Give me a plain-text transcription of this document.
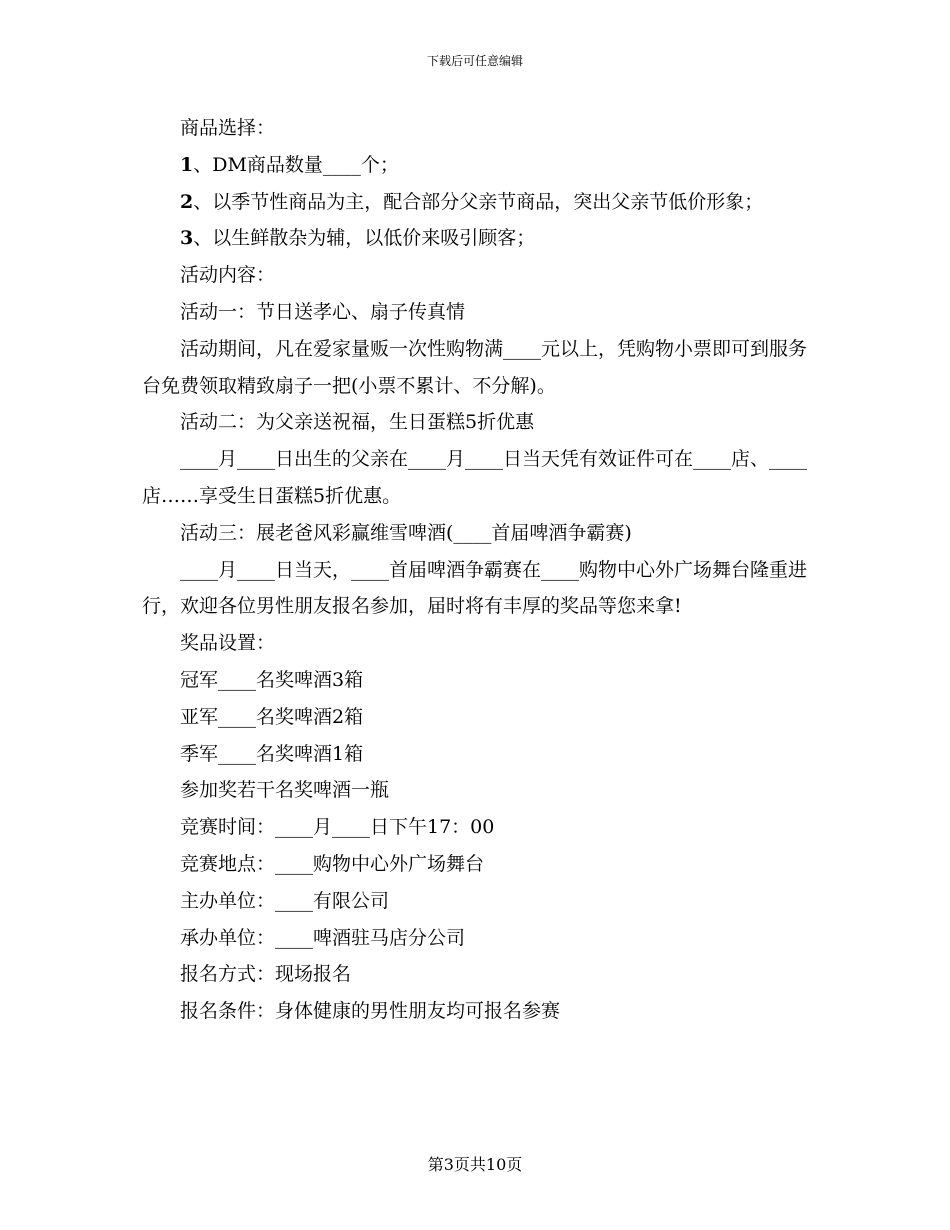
下载后可任意编辑

商品选择：

1、DM商品数量____个；

2、以季节性商品为主，配合部分父亲节商品，突出父亲节低价形象；

3、以生鲜散杂为辅，以低价来吸引顾客；

活动内容：

活动一：节日送孝心、扇子传真情

活动期间，凡在爱家量贩一次性购物满____元以上，凭购物小票即可到服务台免费领取精致扇子一把(小票不累计、不分解)。

活动二：为父亲送祝福，生日蛋糕5折优惠

____月____日出生的父亲在____月____日当天凭有效证件可在____店、____店……享受生日蛋糕5折优惠。

活动三：展老爸风彩赢维雪啤酒(____首届啤酒争霸赛)

____月____日当天，____首届啤酒争霸赛在____购物中心外广场舞台隆重进行，欢迎各位男性朋友报名参加，届时将有丰厚的奖品等您来拿!

奖品设置：

冠军____名奖啤酒3箱

亚军____名奖啤酒2箱

季军____名奖啤酒1箱

参加奖若干名奖啤酒一瓶

竞赛时间：____月____日下午17：00

竞赛地点：____购物中心外广场舞台

主办单位：____有限公司

承办单位：____啤酒驻马店分公司

报名方式：现场报名

报名条件：身体健康的男性朋友均可报名参赛

第3页共10页
